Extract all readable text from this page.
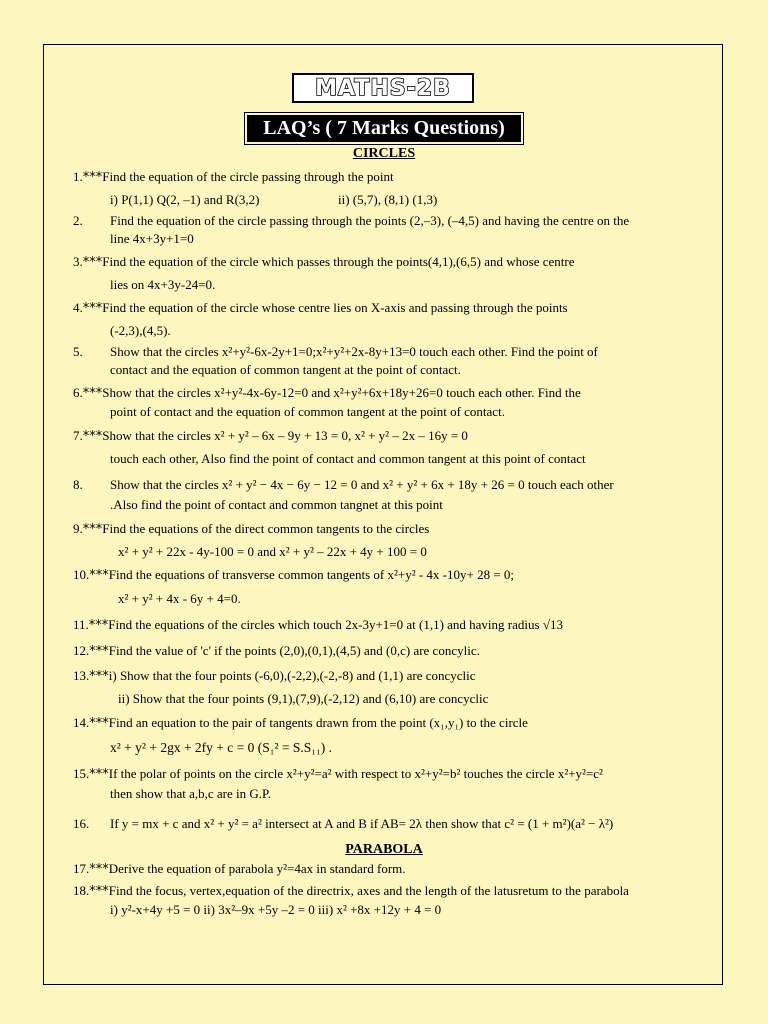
MATHS-2B
LAQ’s ( 7 Marks Questions)
CIRCLES
1.***Find the equation of the circle passing through the point
i) P(1,1) Q(2, –1) and R(3,2)	ii) (5,7), (8,1) (1,3)
2. Find the equation of the circle passing through the points (2,–3), (–4,5) and having the centre on the
line 4x+3y+1=0
3.***Find the equation of the circle which passes through the points(4,1),(6,5) and whose centre
lies on 4x+3y-24=0.
4.***Find the equation of the circle whose centre lies on X-axis and passing through the points
(-2,3),(4,5).
5. Show that the circles x²+y²-6x-2y+1=0;x²+y²+2x-8y+13=0 touch each other. Find the point of
contact and the equation of common tangent at the point of contact.
6.***Show that the circles x²+y²-4x-6y-12=0 and x²+y²+6x+18y+26=0 touch each other. Find the
point of contact and the equation of common tangent at the point of contact.
7.***Show that the circles x² + y² – 6x – 9y + 13 = 0, x² + y² – 2x – 16y = 0
touch each other, Also find the point of contact and common tangent at this point of contact
8. Show that the circles x² + y² − 4x − 6y − 12 = 0 and x² + y² + 6x + 18y + 26 = 0 touch each other
.Also find the point of contact and common tangnet at this point
9.***Find the equations of the direct common tangents to the circles
x² + y² + 22x - 4y-100 = 0 and x² + y² – 22x + 4y + 100 = 0
10.***Find the equations of transverse common tangents of x²+y² - 4x -10y+ 28 = 0;
x² + y² + 4x - 6y + 4=0.
11.***Find the equations of the circles which touch 2x-3y+1=0 at (1,1) and having radius √13
12.***Find the value of 'c' if the points (2,0),(0,1),(4,5) and (0,c) are concylic.
13.***i) Show that the four points (-6,0),(-2,2),(-2,-8) and (1,1) are concyclic
ii) Show that the four points (9,1),(7,9),(-2,12) and (6,10) are concyclic
14.***Find an equation to the pair of tangents drawn from the point (x₁,y₁) to the circle
x² + y² + 2gx + 2fy + c = 0 (S₁² = S.S₁₁) .
15.***If the polar of points on the circle x²+y²=a² with respect to x²+y²=b² touches the circle x²+y²=c²
then show that a,b,c are in G.P.
16. If y = mx + c and x² + y² = a² intersect at A and B if AB= 2λ then show that c² = (1 + m²)(a² − λ²)
PARABOLA
17.***Derive the equation of parabola y²=4ax in standard form.
18.***Find the focus, vertex,equation of the directrix, axes and the length of the latusretum to the parabola
i) y²-x+4y +5 = 0 ii) 3x²–9x +5y –2 = 0 iii) x² +8x +12y + 4 = 0
